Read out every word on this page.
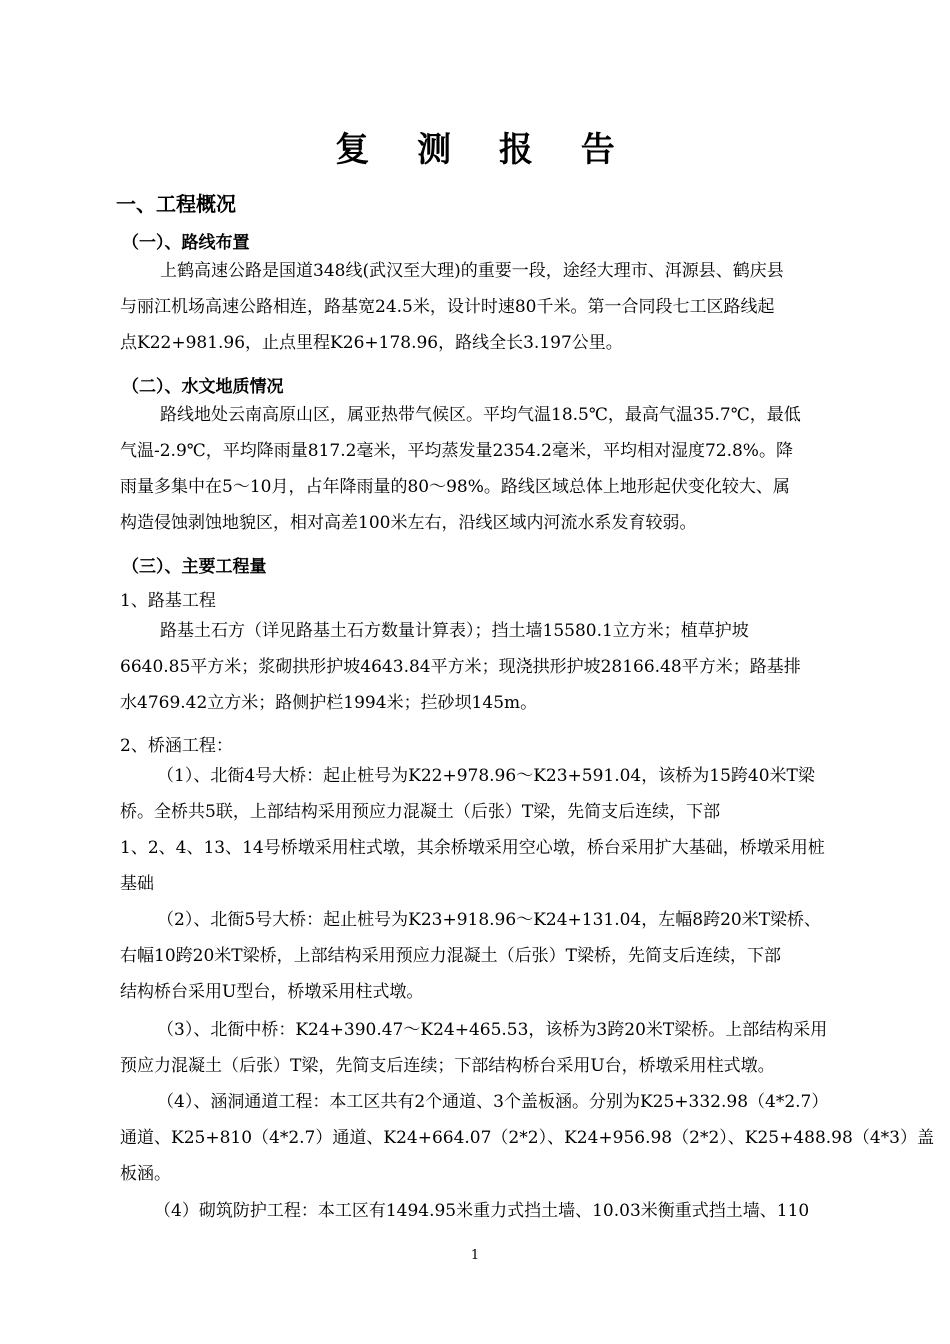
复 测 报 告
一、工程概况
（一）、路线布置
上鹤高速公路是国道348线(武汉至大理)的重要一段，途经大理市、洱源县、鹤庆县
与丽江机场高速公路相连，路基宽24.5米，设计时速80千米。第一合同段七工区路线起
点K22+981.96，止点里程K26+178.96，路线全长3.197公里。
（二）、水文地质情况
路线地处云南高原山区，属亚热带气候区。平均气温18.5℃，最高气温35.7℃，最低
气温-2.9℃，平均降雨量817.2毫米，平均蒸发量2354.2毫米，平均相对湿度72.8%。降
雨量多集中在5～10月，占年降雨量的80～98%。路线区域总体上地形起伏变化较大、属
构造侵蚀剥蚀地貌区，相对高差100米左右，沿线区域内河流水系发育较弱。
（三）、主要工程量
1、路基工程
路基土石方（详见路基土石方数量计算表）；挡土墙15580.1立方米；植草护坡
6640.85平方米；浆砌拱形护坡4643.84平方米；现浇拱形护坡28166.48平方米；路基排
水4769.42立方米；路侧护栏1994米；拦砂坝145m。
2、桥涵工程：
（1）、北衙4号大桥：起止桩号为K22+978.96～K23+591.04，该桥为15跨40米T梁
桥。全桥共5联，上部结构采用预应力混凝土（后张）T梁，先简支后连续，下部
1、2、4、13、14号桥墩采用柱式墩，其余桥墩采用空心墩，桥台采用扩大基础，桥墩采用桩
基础
（2）、北衙5号大桥：起止桩号为K23+918.96～K24+131.04，左幅8跨20米T梁桥、
右幅10跨20米T梁桥，上部结构采用预应力混凝土（后张）T梁桥，先简支后连续，下部
结构桥台采用U型台，桥墩采用柱式墩。
（3）、北衙中桥：K24+390.47～K24+465.53，该桥为3跨20米T梁桥。上部结构采用
预应力混凝土（后张）T梁，先简支后连续；下部结构桥台采用U台，桥墩采用柱式墩。
（4）、涵洞通道工程：本工区共有2个通道、3个盖板涵。分别为K25+332.98（4*2.7）
通道、K25+810（4*2.7）通道、K24+664.07（2*2）、K24+956.98（2*2）、K25+488.98（4*3）盖
板涵。
（4）砌筑防护工程：本工区有1494.95米重力式挡土墙、10.03米衡重式挡土墙、110
1
